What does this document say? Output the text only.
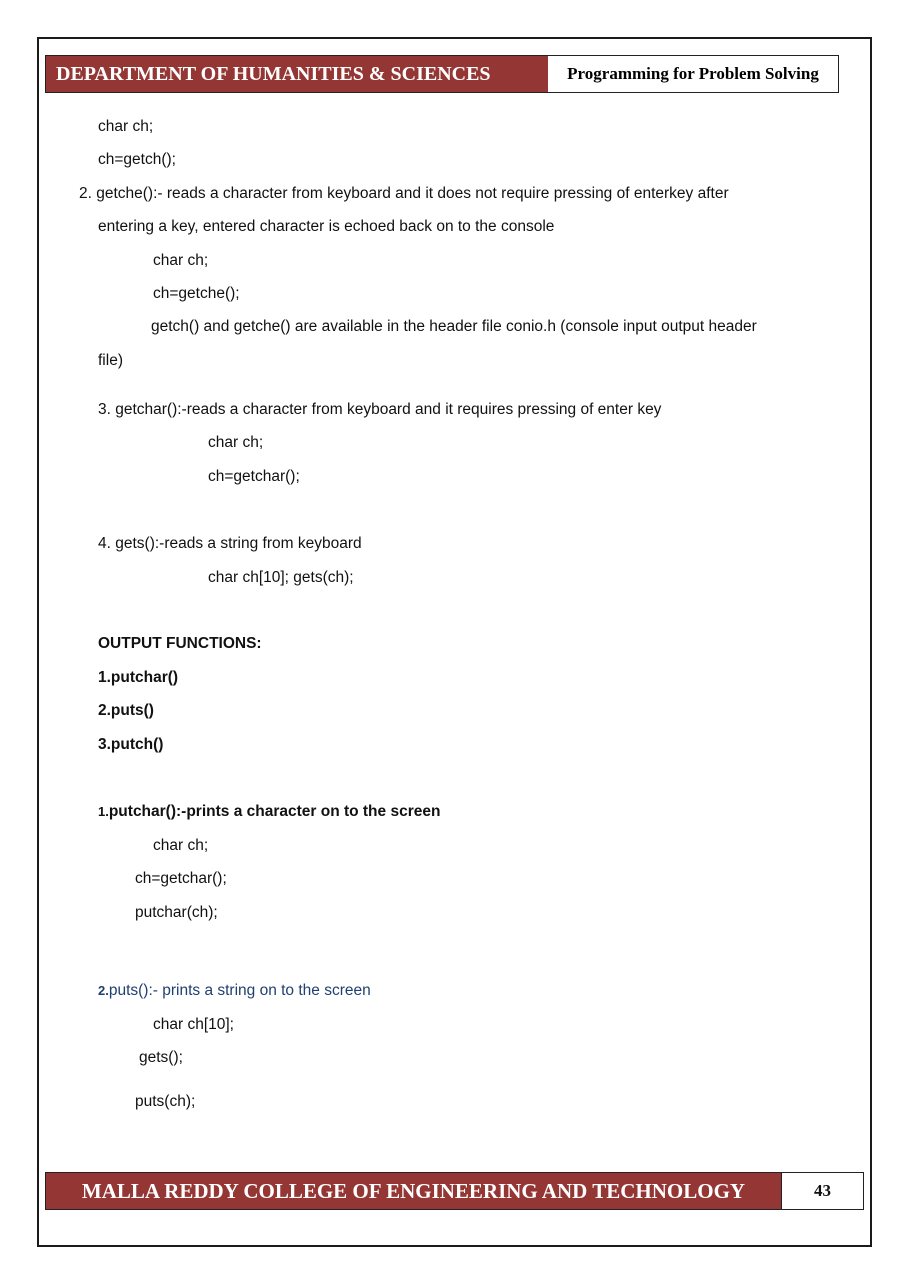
DEPARTMENT OF HUMANITIES & SCIENCES	Programming for Problem Solving
char ch;
ch=getch();
2. getche():- reads a character from keyboard and it does not require pressing of enterkey after
entering a key, entered character is echoed back on to the console
char ch;
ch=getche();
getch() and getche() are available in the header file conio.h (console input output header
file)
3. getchar():-reads a character from keyboard and it requires pressing of enter key
char ch;
ch=getchar();
4. gets():-reads a string from keyboard
char ch[10]; gets(ch);
OUTPUT FUNCTIONS:
1.putchar()
2.puts()
3.putch()
1.putchar():-prints a character on to the screen
char ch;
ch=getchar();
putchar(ch);
2.puts():- prints a string on to the screen
char ch[10];
gets();
puts(ch);
MALLA REDDY COLLEGE OF ENGINEERING AND TECHNOLOGY	43
